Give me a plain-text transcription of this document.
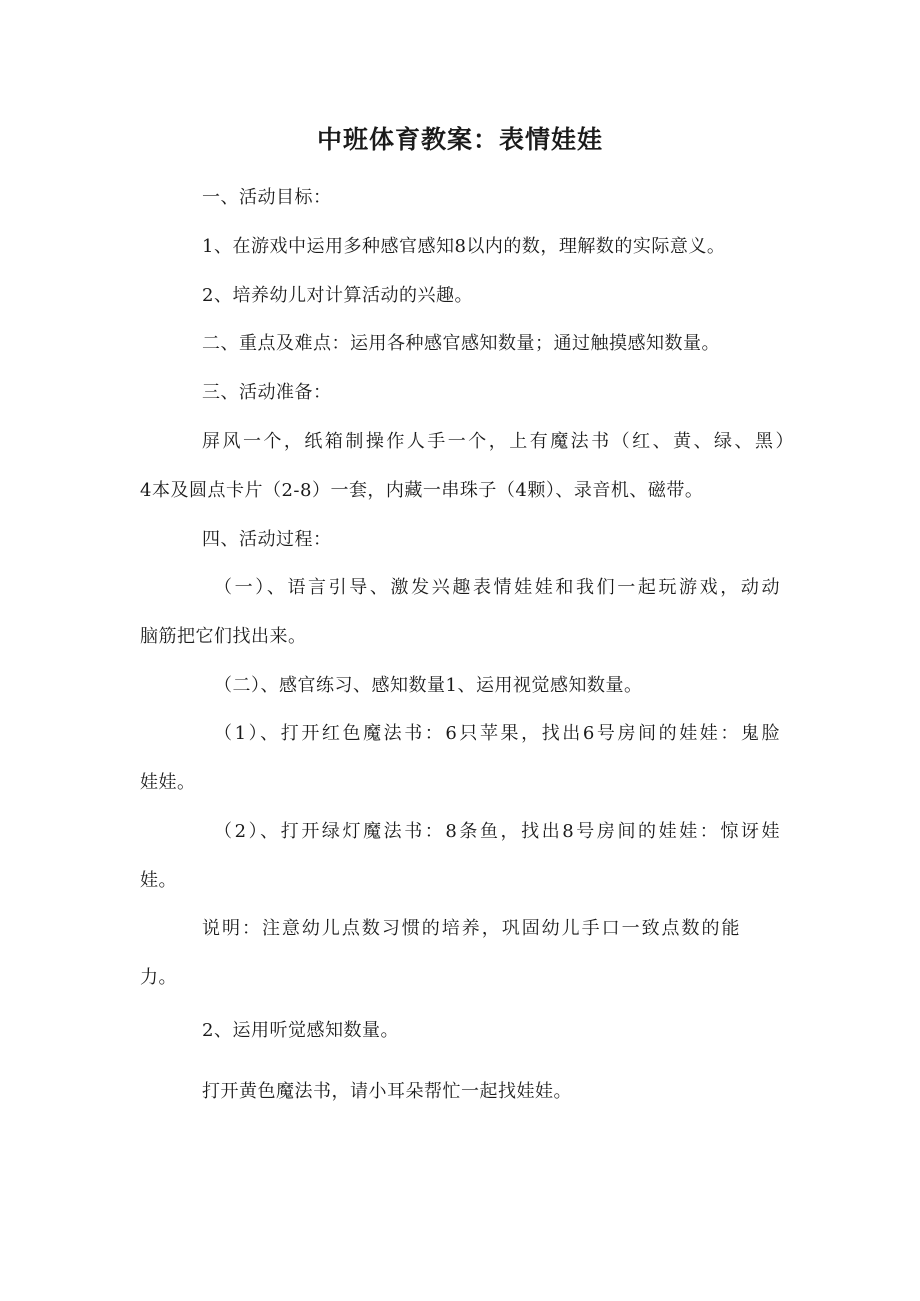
中班体育教案：表情娃娃
一、活动目标：
1、在游戏中运用多种感官感知8以内的数，理解数的实际意义。
2、培养幼儿对计算活动的兴趣。
二、重点及难点：运用各种感官感知数量；通过触摸感知数量。
三、活动准备：
屏风一个，纸箱制操作人手一个，上有魔法书（红、黄、绿、黑）
4本及圆点卡片（2-8）一套，内藏一串珠子（4颗）、录音机、磁带。
四、活动过程：
（一）、语言引导、激发兴趣表情娃娃和我们一起玩游戏，动动
脑筋把它们找出来。
（二）、感官练习、感知数量1、运用视觉感知数量。
（1）、打开红色魔法书：6只苹果，找出6号房间的娃娃：鬼脸
娃娃。
（2）、打开绿灯魔法书：8条鱼，找出8号房间的娃娃：惊讶娃
娃。
说明：注意幼儿点数习惯的培养，巩固幼儿手口一致点数的能
力。
2、运用听觉感知数量。
打开黄色魔法书，请小耳朵帮忙一起找娃娃。
